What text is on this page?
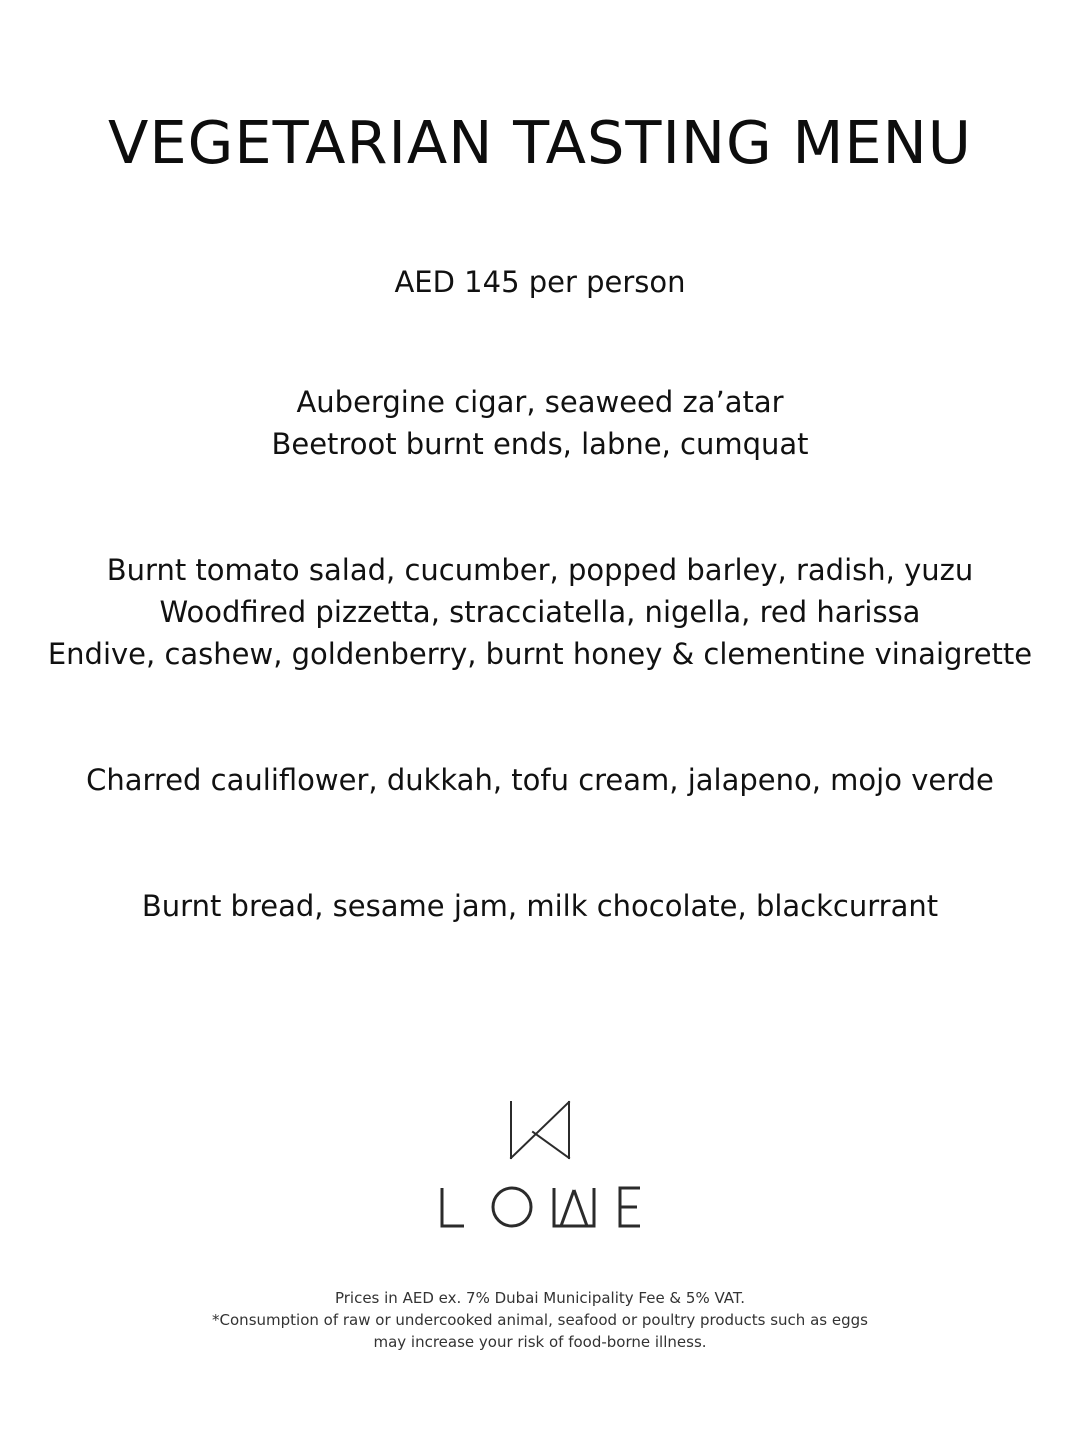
VEGETARIAN TASTING MENU

AED 145 per person

Aubergine cigar, seaweed za’atar
Beetroot burnt ends, labne, cumquat
Burnt tomato salad, cucumber, popped barley, radish, yuzu
Woodfired pizzetta, stracciatella, nigella, red harissa
Endive, cashew, goldenberry, burnt honey & clementine vinaigrette
Charred cauliflower, dukkah, tofu cream, jalapeno, mojo verde
Burnt bread, sesame jam, milk chocolate, blackcurrant

Prices in AED ex. 7% Dubai Municipality Fee & 5% VAT.

*Consumption of raw or undercooked animal, seafood or poultry products such as eggs

may increase your risk of food-borne illness.
